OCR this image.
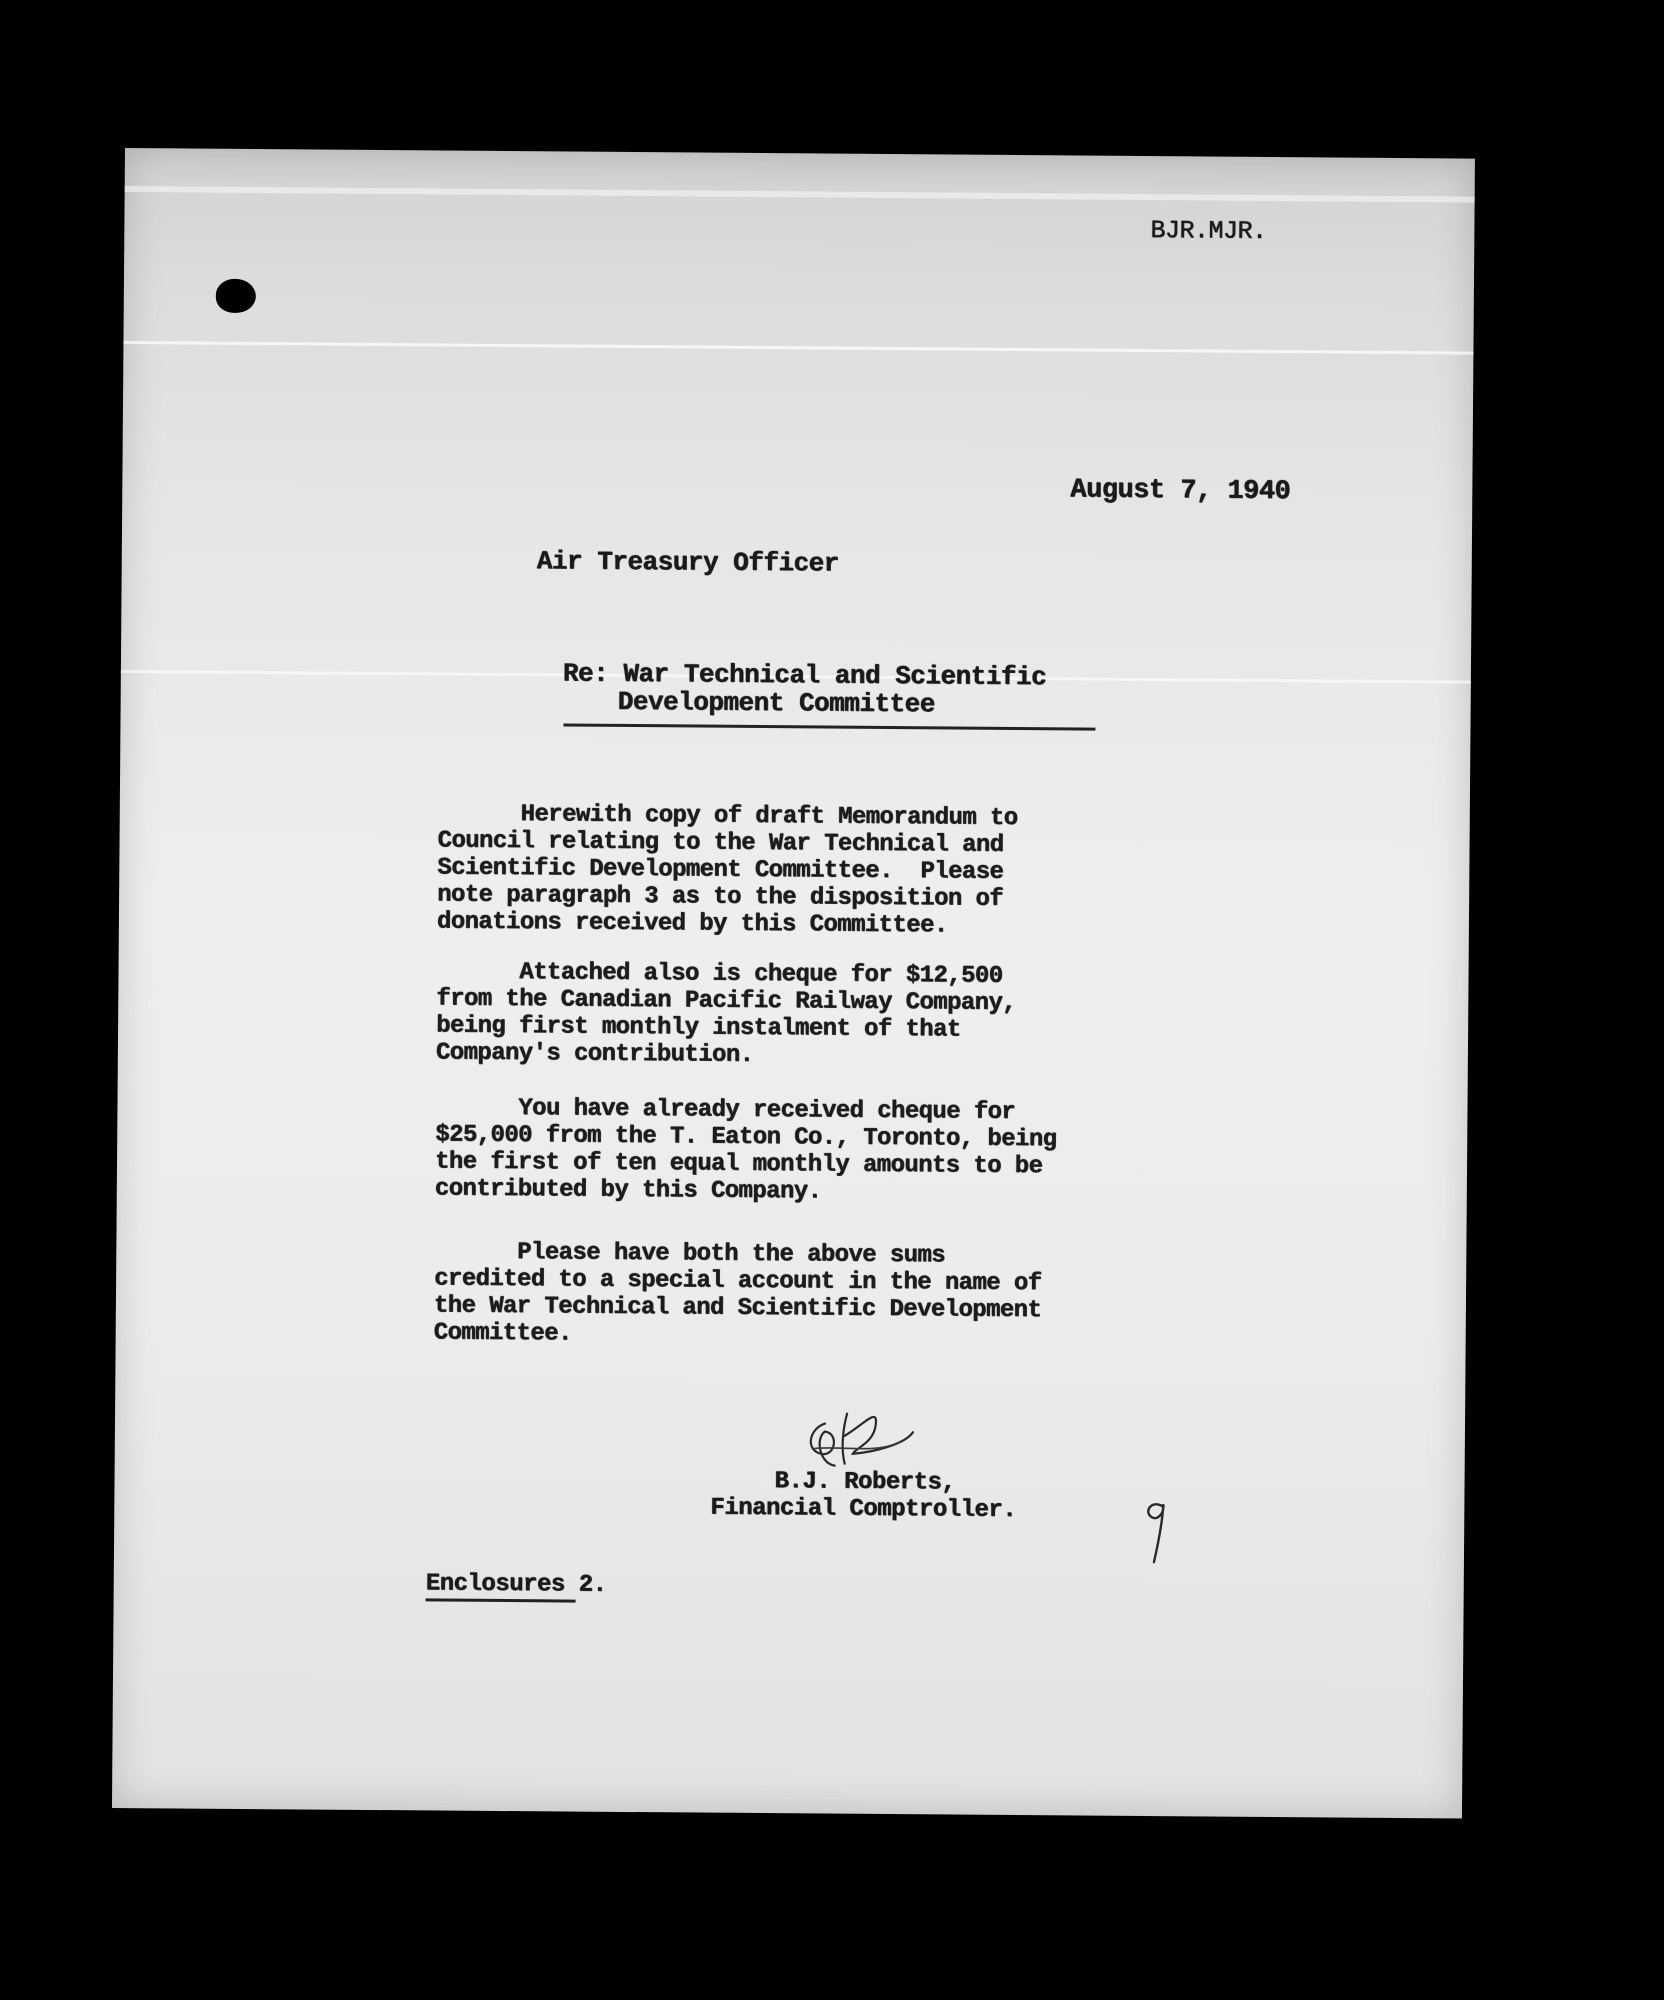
BJR.MJR.
August 7, 1940
Air Treasury Officer
Re: War Technical and Scientific
Development Committee
Herewith copy of draft Memorandum to
Council relating to the War Technical and
Scientific Development Committee.  Please
note paragraph 3 as to the disposition of
donations received by this Committee.
Attached also is cheque for $12,500
from the Canadian Pacific Railway Company,
being first monthly instalment of that
Company's contribution.
You have already received cheque for
$25,000 from the T. Eaton Co., Toronto, being
the first of ten equal monthly amounts to be
contributed by this Company.
Please have both the above sums
credited to a special account in the name of
the War Technical and Scientific Development
Committee.
B.J. Roberts,
Financial Comptroller.
Enclosures 2.
